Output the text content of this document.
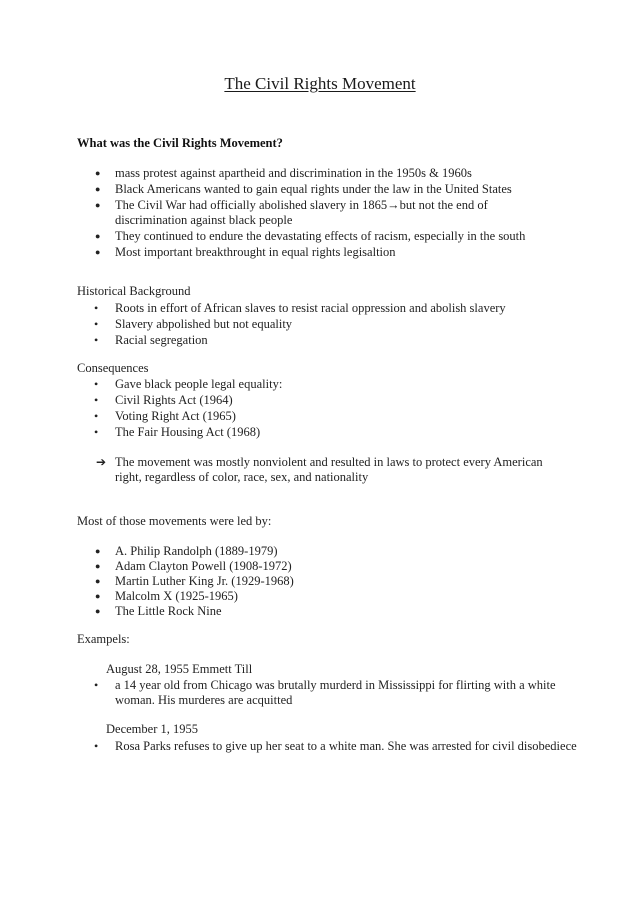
The Civil Rights Movement
What was the Civil Rights Movement?
● mass protest against apartheid and discrimination in the 1950s & 1960s
● Black Americans wanted to gain equal rights under the law in the United States
● The Civil War had officially abolished slavery in 1865→but not the end of discrimination against black people
● They continued to endure the devastating effects of racism, especially in the south
● Most important breakthrought in equal rights legisaltion
Historical Background
• Roots in effort of African slaves to resist racial oppression and abolish slavery
• Slavery abpolished but not equality
• Racial segregation
Consequences
• Gave black people legal equality:
• Civil Rights Act (1964)
• Voting Right Act (1965)
• The Fair Housing Act (1968)
➔ The movement was mostly nonviolent and resulted in laws to protect every American right, regardless of color, race, sex, and nationality
Most of those movements were led by:
● A. Philip Randolph (1889-1979)
● Adam Clayton Powell (1908-1972)
● Martin Luther King Jr. (1929-1968)
● Malcolm X (1925-1965)
● The Little Rock Nine
Exampels:
August 28, 1955 Emmett Till
• a 14 year old from Chicago was brutally murderd in Mississippi for flirting with a white woman. His murderes are acquitted
December 1, 1955
• Rosa Parks refuses to give up her seat to a white man. She was arrested for civil disobediece
